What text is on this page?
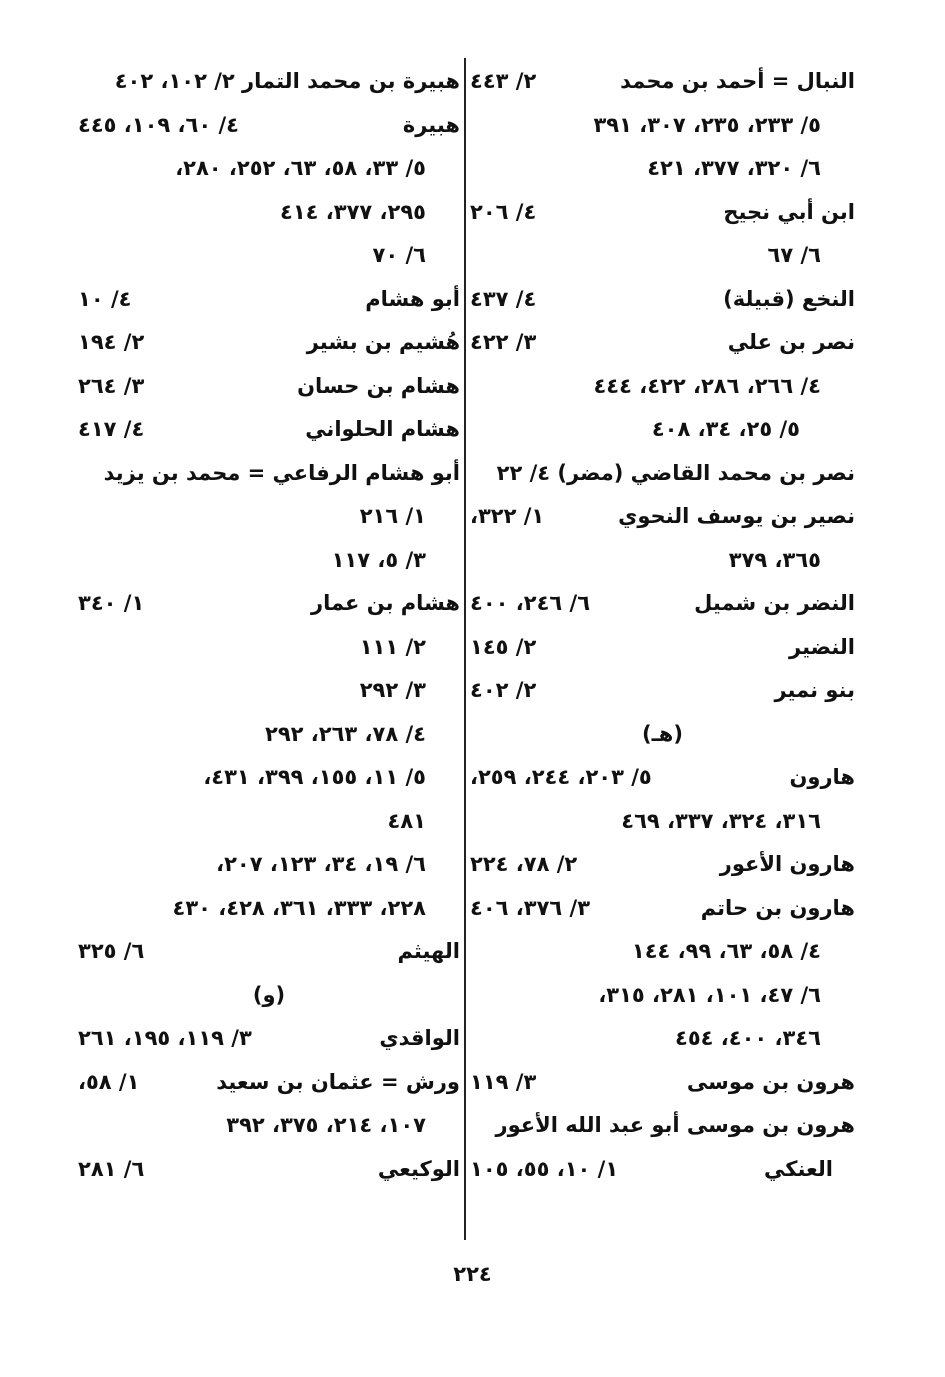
النبال = أحمد بن محمد
٢/ ٤٤٣
٥/ ٢٣٣، ٢٣٥، ٣٠٧، ٣٩١
٦/ ٣٢٠، ٣٧٧، ٤٢١
ابن أبي نجيح
٤/ ٢٠٦
٦/ ٦٧
النخع (قبيلة)
٤/ ٤٣٧
نصر بن علي
٣/ ٤٢٢
٤/ ٢٦٦، ٢٨٦، ٤٢٢، ٤٤٤
٥/ ٢٥، ٣٤، ٤٠٨
نصر بن محمد القاضي (مضر) ٤/ ٢٢
نصير بن يوسف النحوي
١/ ٣٢٢،
٣٦٥، ٣٧٩
النضر بن شميل
٦/ ٢٤٦، ٤٠٠
النضير
٢/ ١٤٥
بنو نمير
٢/ ٤٠٢
(هـ)
هارون
٥/ ٢٠٣، ٢٤٤، ٢٥٩،
٣١٦، ٣٢٤، ٣٣٧، ٤٦٩
هارون الأعور
٢/ ٧٨، ٢٢٤
هارون بن حاتم
٣/ ٣٧٦، ٤٠٦
٤/ ٥٨، ٦٣، ٩٩، ١٤٤
٦/ ٤٧، ١٠١، ٢٨١، ٣١٥،
٣٤٦، ٤٠٠، ٤٥٤
هرون بن موسى
٣/ ١١٩
هرون بن موسى أبو عبد الله الأعور
العنكي
١/ ١٠، ٥٥، ١٠٥
هبيرة بن محمد التمار ٢/ ١٠٢، ٤٠٢
هبيرة
٤/ ٦٠، ١٠٩، ٤٤٥
٥/ ٣٣، ٥٨، ٦٣، ٢٥٢، ٢٨٠،
٢٩٥، ٣٧٧، ٤١٤
٦/ ٧٠
أبو هشام
٤/ ١٠
هُشيم بن بشير
٢/ ١٩٤
هشام بن حسان
٣/ ٢٦٤
هشام الحلواني
٤/ ٤١٧
أبو هشام الرفاعي = محمد بن يزيد
١/ ٢١٦
٣/ ٥، ١١٧
هشام بن عمار
١/ ٣٤٠
٢/ ١١١
٣/ ٢٩٢
٤/ ٧٨، ٢٦٣، ٢٩٢
٥/ ١١، ١٥٥، ٣٩٩، ٤٣١،
٤٨١
٦/ ١٩، ٣٤، ١٢٣، ٢٠٧،
٢٢٨، ٣٣٣، ٣٦١، ٤٢٨، ٤٣٠
الهيثم
٦/ ٣٢٥
(و)
الواقدي
٣/ ١١٩، ١٩٥، ٢٦١
ورش = عثمان بن سعيد
١/ ٥٨،
١٠٧، ٢١٤، ٣٧٥، ٣٩٢
الوكيعي
٦/ ٢٨١
٢٢٤
